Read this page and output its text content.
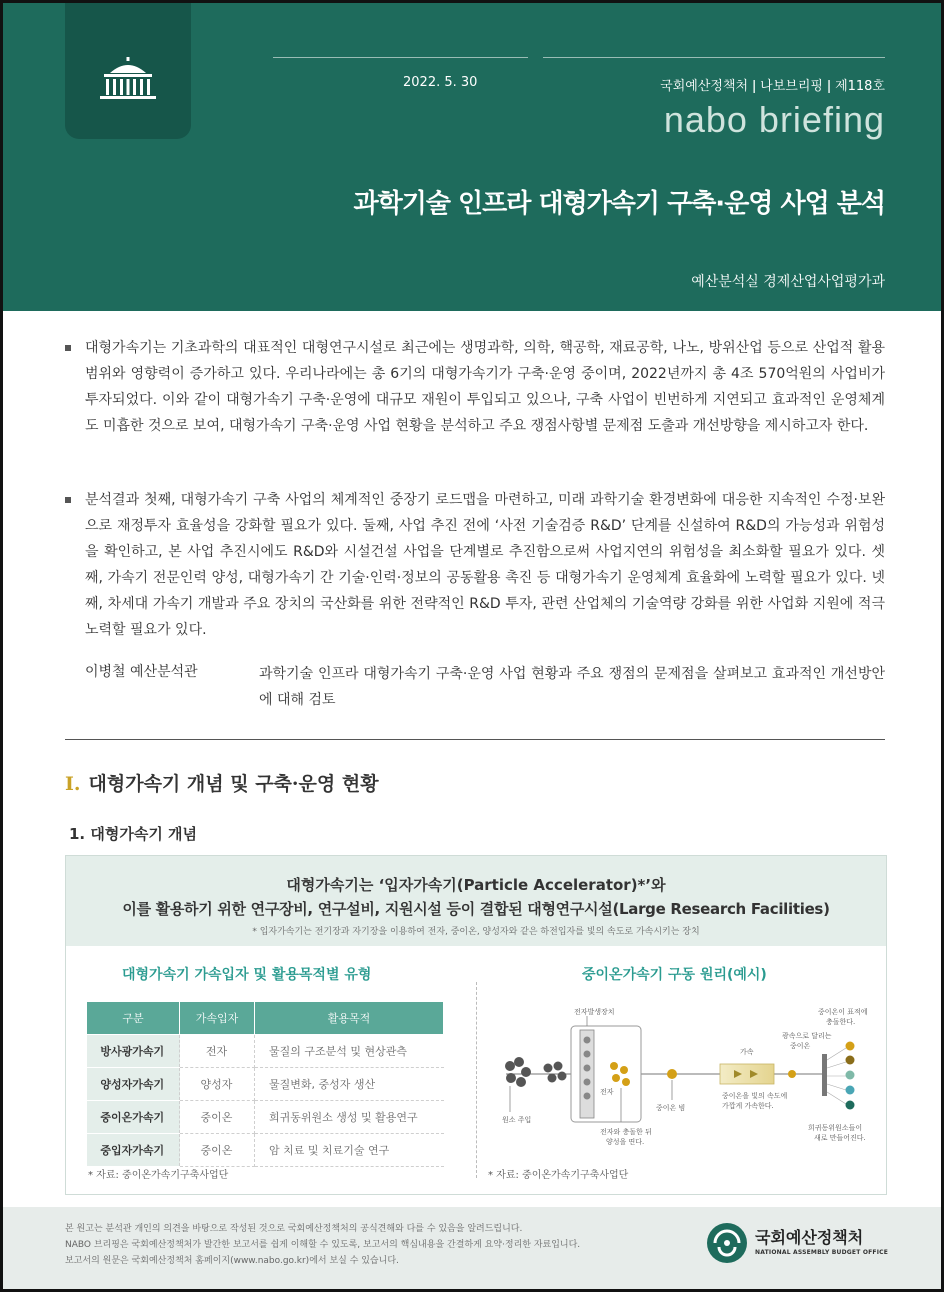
2022. 5. 30	국회예산정책처 ǀ 나보브리핑 ǀ 제118호
nabo briefing
과학기술 인프라 대형가속기 구축·운영 사업 분석
예산분석실 경제산업사업평가과
대형가속기는 기초과학의 대표적인 대형연구시설로 최근에는 생명과학, 의학, 핵공학, 재료공학, 나노, 방위산업 등으로 산업적 활용 범위와 영향력이 증가하고 있다. 우리나라에는 총 6기의 대형가속기가 구축·운영 중이며, 2022년까지 총 4조 570억원의 사업비가 투자되었다. 이와 같이 대형가속기 구축·운영에 대규모 재원이 투입되고 있으나, 구축 사업이 빈번하게 지연되고 효과적인 운영체계도 미흡한 것으로 보여, 대형가속기 구축·운영 사업 현황을 분석하고 주요 쟁점사항별 문제점 도출과 개선방향을 제시하고자 한다.
분석결과 첫째, 대형가속기 구축 사업의 체계적인 중장기 로드맵을 마련하고, 미래 과학기술 환경변화에 대응한 지속적인 수정·보완으로 재정투자 효율성을 강화할 필요가 있다. 둘째, 사업 추진 전에 ‘사전 기술검증 R&D’ 단계를 신설하여 R&D의 가능성과 위험성을 확인하고, 본 사업 추진시에도 R&D와 시설건설 사업을 단계별로 추진함으로써 사업지연의 위험성을 최소화할 필요가 있다. 셋째, 가속기 전문인력 양성, 대형가속기 간 기술·인력·정보의 공동활용 촉진 등 대형가속기 운영체계 효율화에 노력할 필요가 있다. 넷째, 차세대 가속기 개발과 주요 장치의 국산화를 위한 전략적인 R&D 투자, 관련 산업체의 기술역량 강화를 위한 사업화 지원에 적극 노력할 필요가 있다.
이병철 예산분석관	과학기술 인프라 대형가속기 구축·운영 사업 현황과 주요 쟁점의 문제점을 살펴보고 효과적인 개선방안에 대해 검토
I. 대형가속기 개념 및 구축·운영 현황
1. 대형가속기 개념
대형가속기는 ‘입자가속기(Particle Accelerator)*’와
이를 활용하기 위한 연구장비, 연구설비, 지원시설 등이 결합된 대형연구시설(Large Research Facilities)
* 입자가속기는 전기장과 자기장을 이용하여 전자, 중이온, 양성자와 같은 하전입자를 빛의 속도로 가속시키는 장치
대형가속기 가속입자 및 활용목적별 유형
구분	가속입자	활용목적
방사광가속기	전자	물질의 구조분석 및 현상관측
양성자가속기	양성자	물질변화, 중성자 생산
중이온가속기	중이온	희귀동위원소 생성 및 활용연구
중입자가속기	중이온	암 치료 및 치료기술 연구
* 자료: 중이온가속기구축사업단
중이온가속기 구동 원리(예시)
원소 주입
전자발생장치
전자
전자와 충돌한 뒤
양성을 띤다.
중이온 빔
가속
중이온을 빛의 속도에
가깝게 가속한다.
광속으로 달리는
중이온
중이온이 표적에
충돌한다.
희귀동위원소들이
새로 만들어진다.
* 자료: 중이온가속기구축사업단
본 원고는 분석관 개인의 의견을 바탕으로 작성된 것으로 국회예산정책처의 공식견해와 다를 수 있음을 알려드립니다.
NABO 브리핑은 국회예산정책처가 발간한 보고서를 쉽게 이해할 수 있도록, 보고서의 핵심내용을 간결하게 요약·정리한 자료입니다.
보고서의 원문은 국회예산정책처 홈페이지(www.nabo.go.kr)에서 보실 수 있습니다.
국회예산정책처
NATIONAL ASSEMBLY BUDGET OFFICE
